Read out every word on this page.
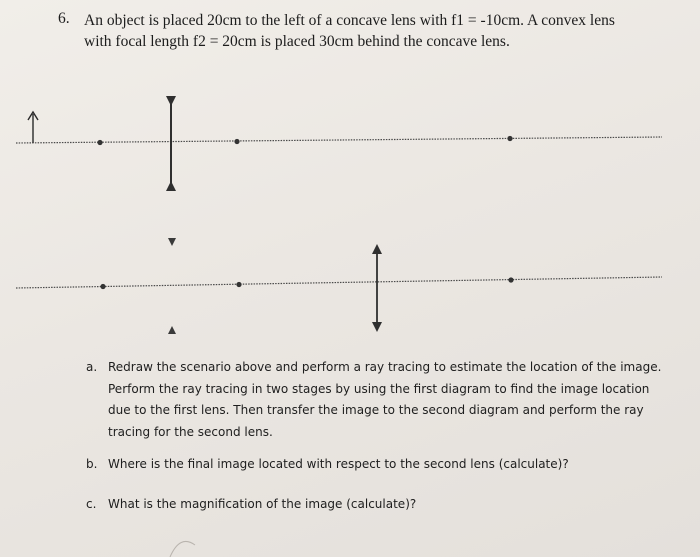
6. An object is placed 20cm to the left of a concave lens with f1 = -10cm. A convex lens
with focal length f2 = 20cm is placed 30cm behind the concave lens.

a. Redraw the scenario above and perform a ray tracing to estimate the location of the image.
Perform the ray tracing in two stages by using the first diagram to find the image location
due to the first lens. Then transfer the image to the second diagram and perform the ray
tracing for the second lens.
b. Where is the final image located with respect to the second lens (calculate)?
c. What is the magnification of the image (calculate)?
